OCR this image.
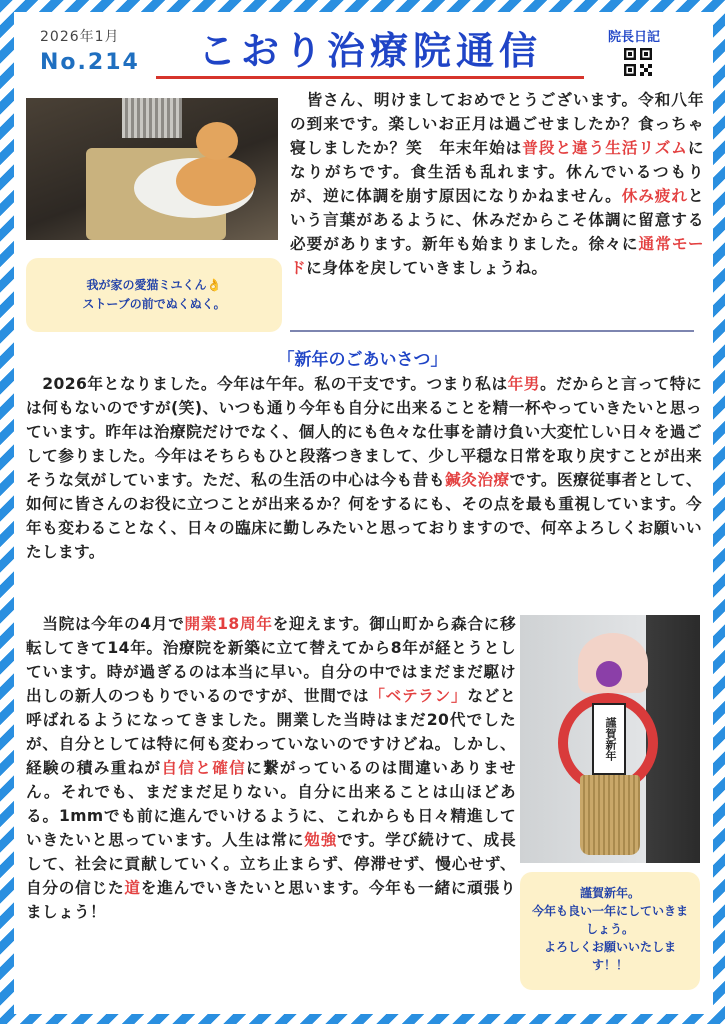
2026年1月
No.214	こおり治療院通信	院長日記
我が家の愛猫ミユくん👌
ストーブの前でぬくぬく。
　皆さん、明けましておめでとうございます。令和八年の到来です。楽しいお正月は過ごせましたか？食っちゃ寝しましたか？笑　年末年始は普段と違う生活リズムになりがちです。食生活も乱れます。休んでいるつもりが、逆に体調を崩す原因になりかねません。休み疲れという言葉があるように、休みだからこそ体調に留意する必要があります。新年も始まりました。徐々に通常モードに身体を戻していきましょうね。
「新年のごあいさつ」
　2026年となりました。今年は午年。私の干支です。つまり私は年男。だからと言って特には何もないのですが(笑)、いつも通り今年も自分に出来ることを精一杯やっていきたいと思っています。昨年は治療院だけでなく、個人的にも色々な仕事を請け負い大変忙しい日々を過ごして参りました。今年はそちらもひと段落つきまして、少し平穏な日常を取り戻すことが出来そうな気がしています。ただ、私の生活の中心は今も昔も鍼灸治療です。医療従事者として、如何に皆さんのお役に立つことが出来るか？何をするにも、その点を最も重視しています。今年も変わることなく、日々の臨床に勤しみたいと思っておりますので、何卒よろしくお願いいたします。
　当院は今年の4月で開業18周年を迎えます。御山町から森合に移転してきて14年。治療院を新築に立て替えてから8年が経とうとしています。時が過ぎるのは本当に早い。自分の中ではまだまだ駆け出しの新人のつもりでいるのですが、世間では「ベテラン」などと呼ばれるようになってきました。開業した当時はまだ20代でしたが、自分としては特に何も変わっていないのですけどね。しかし、経験の積み重ねが自信と確信に繋がっているのは間違いありません。それでも、まだまだ足りない。自分に出来ることは山ほどある。1mmでも前に進んでいけるように、これからも日々精進していきたいと思っています。人生は常に勉強です。学び続けて、成長して、社会に貢献していく。立ち止まらず、停滞せず、慢心せず、自分の信じた道を進んでいきたいと思います。今年も一緒に頑張りましょう！
謹賀新年
謹賀新年。
今年も良い一年にしていきましょう。
よろしくお願いいたします！！
